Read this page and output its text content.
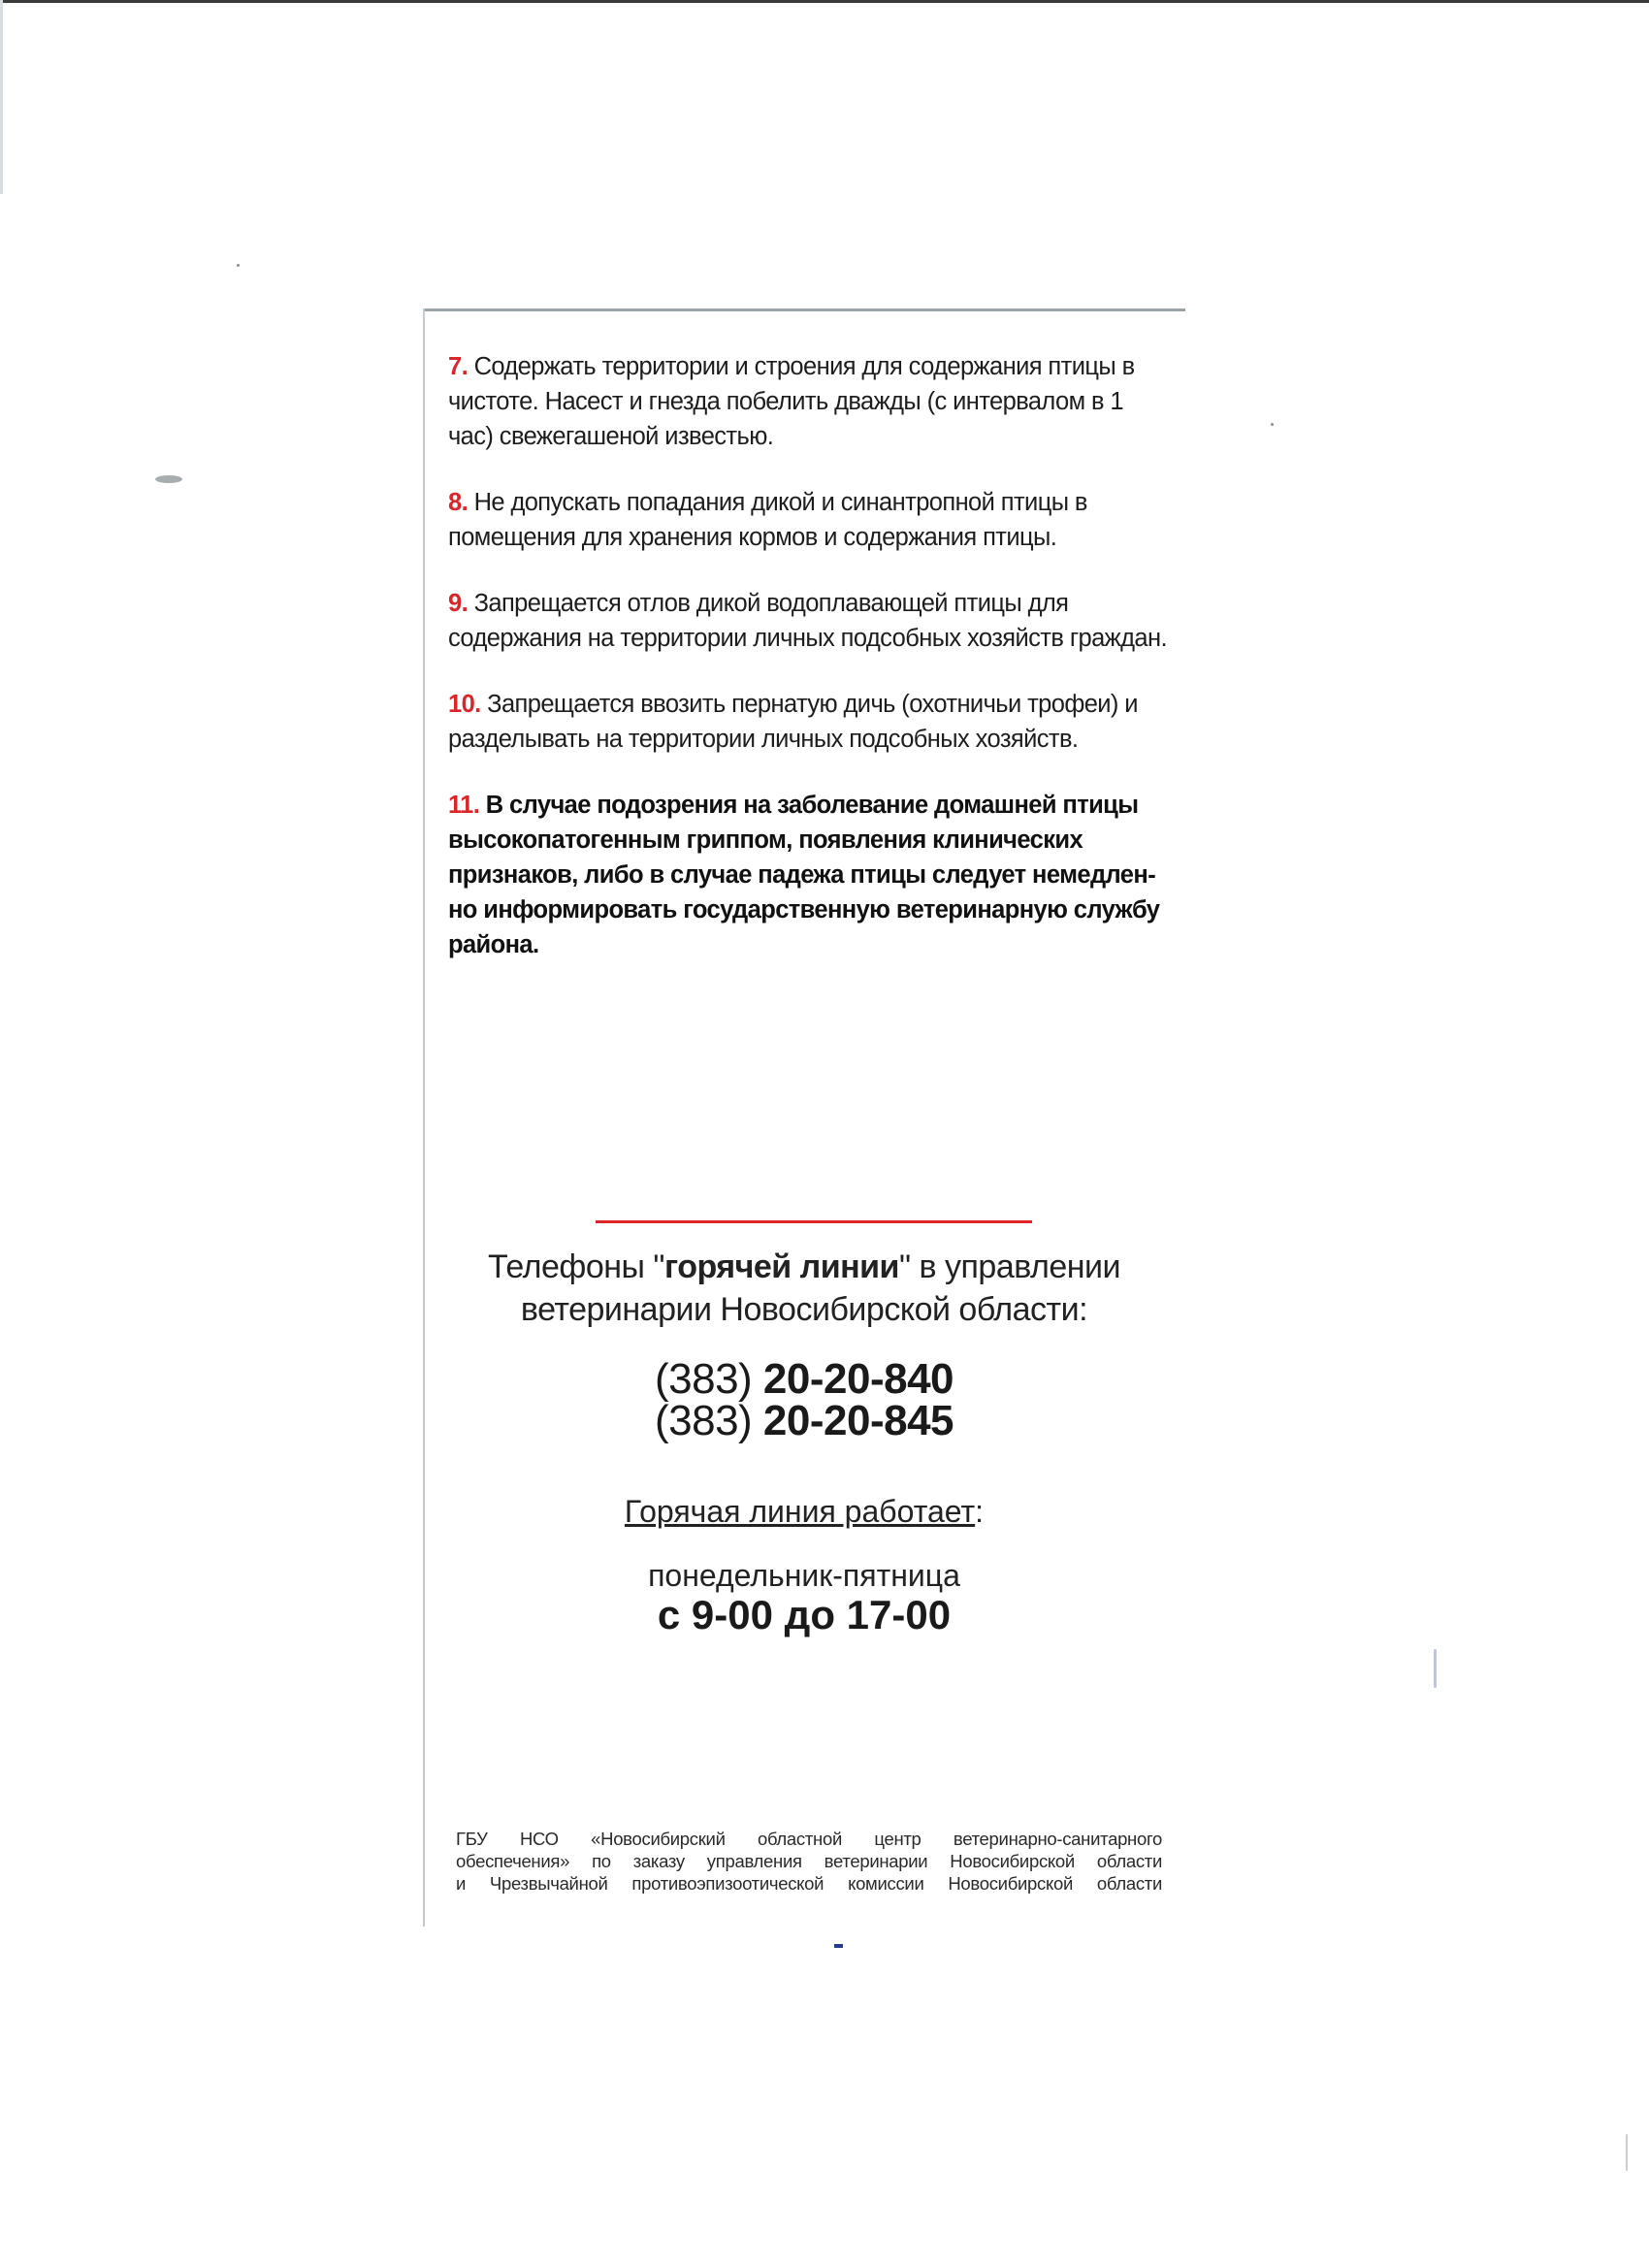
7. Содержать территории и строения для содержания птицы в чистоте. Насест и гнезда побелить дважды (с интервалом в 1 час) свежегашеной известью.

8. Не допускать попадания дикой и синантропной птицы в помещения для хранения кормов и содержания птицы.

9. Запрещается отлов дикой водоплавающей птицы для содержания на территории личных подсобных хозяйств граждан.

10. Запрещается ввозить пернатую дичь (охотничьи трофеи) и разделывать на территории личных подсобных хозяйств.

11. В случае подозрения на заболевание домашней птицы высокопатогенным гриппом, появления клинических признаков, либо в случае падежа птицы следует немедленно информировать государственную ветеринарную службу района.

Телефоны "горячей линии" в управлении
ветеринарии Новосибирской области:
(383) 20-20-840
(383) 20-20-845
Горячая линия работает:
понедельник-пятница
с 9-00 до 17-00
ГБУ НСО «Новосибирский областной центр ветеринарно-санитарного
обеспечения» по заказу управления ветеринарии Новосибирской области
и Чрезвычайной противоэпизоотической комиссии Новосибирской области
